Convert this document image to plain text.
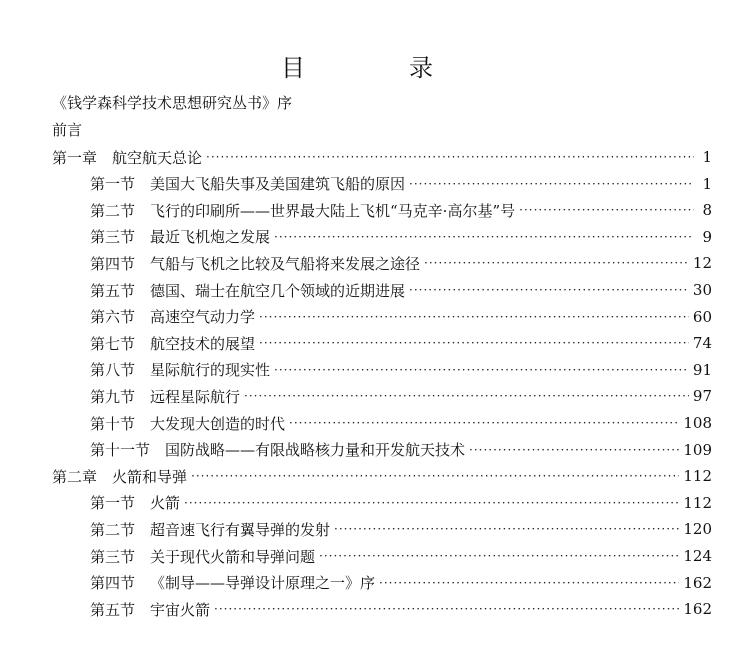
目　录
《钱学森科学技术思想研究丛书》序
前言
第一章 航空航天总论 ·····	1
第一节 美国大飞船失事及美国建筑飞船的原因 ·····	1
第二节 飞行的印刷所——世界最大陆上飞机“马克辛·高尔基”号 ·····	8
第三节 最近飞机炮之发展 ·····	9
第四节 气船与飞机之比较及气船将来发展之途径 ·····	12
第五节 德国、瑞士在航空几个领域的近期进展 ·····	30
第六节 高速空气动力学 ·····	60
第七节 航空技术的展望 ·····	74
第八节 星际航行的现实性 ·····	91
第九节 远程星际航行 ·····	97
第十节 大发现大创造的时代 ·····	108
第十一节 国防战略——有限战略核力量和开发航天技术 ·····	109
第二章 火箭和导弹 ·····	112
第一节 火箭 ·····	112
第二节 超音速飞行有翼导弹的发射 ·····	120
第三节 关于现代火箭和导弹问题 ·····	124
第四节 《制导——导弹设计原理之一》序 ·····	162
第五节 宇宙火箭 ·····	162
